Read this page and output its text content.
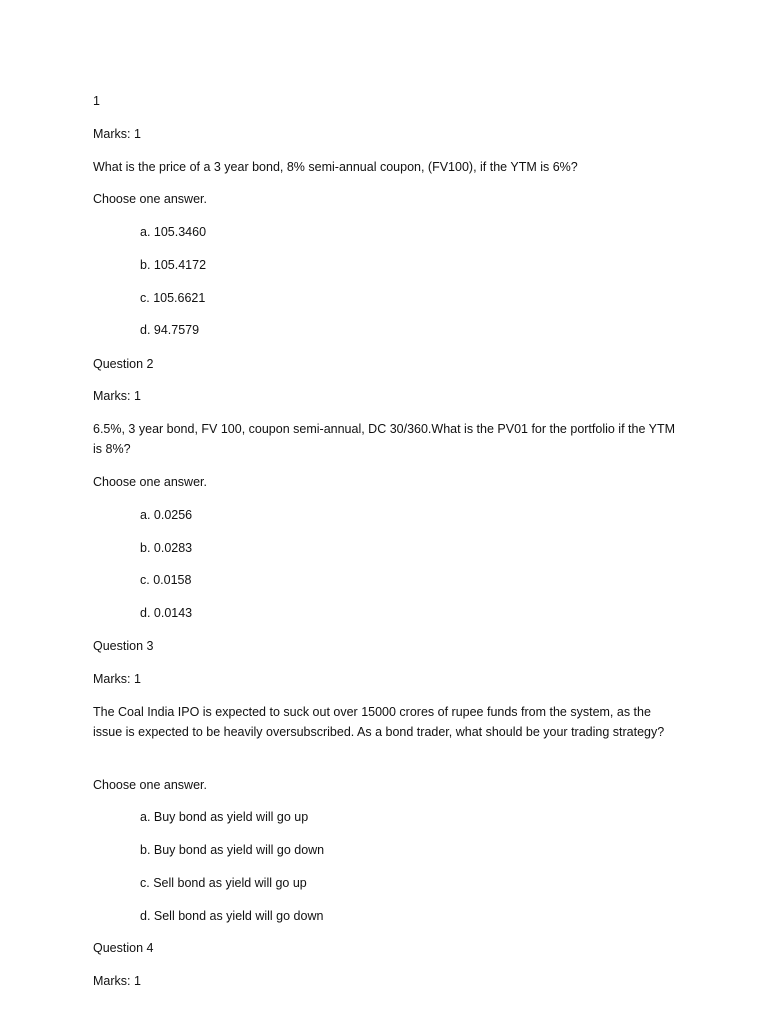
1
Marks: 1
What is the price of a 3 year bond, 8% semi-annual coupon, (FV100), if the YTM is 6%?
Choose one answer.
a. 105.3460
b. 105.4172
c. 105.6621
d. 94.7579
Question 2
Marks: 1
6.5%, 3 year bond, FV 100, coupon semi-annual, DC 30/360.What is the PV01 for the portfolio if the YTM is 8%?
Choose one answer.
a. 0.0256
b. 0.0283
c. 0.0158
d. 0.0143
Question 3
Marks: 1
The Coal India IPO is expected to suck out over 15000 crores of rupee funds from the system, as the issue is expected to be heavily oversubscribed. As a bond trader, what should be your trading strategy?
Choose one answer.
a. Buy bond as yield will go up
b. Buy bond as yield will go down
c. Sell bond as yield will go up
d. Sell bond as yield will go down
Question 4
Marks: 1
